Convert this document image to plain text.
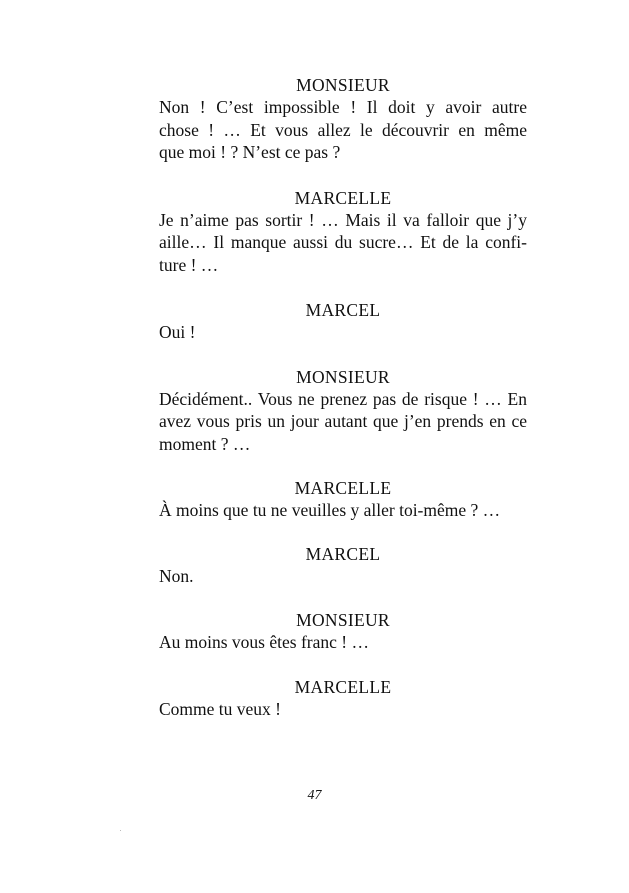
MONSIEUR

Non ! C’est impossible ! Il doit y avoir autre

chose ! … Et vous allez le découvrir en même

que moi ! ? N’est ce pas ?

MARCELLE

Je n’aime pas sortir ! … Mais il va falloir que j’y

aille… Il manque aussi du sucre… Et de la confi-

ture ! …

MARCEL

Oui !

MONSIEUR

Décidément.. Vous ne prenez pas de risque ! … En

avez vous pris un jour autant que j’en prends en ce

moment ? …

MARCELLE

À moins que tu ne veuilles y aller toi-même ? …

MARCEL

Non.

MONSIEUR

Au moins vous êtes franc ! …

MARCELLE

Comme tu veux !

47
